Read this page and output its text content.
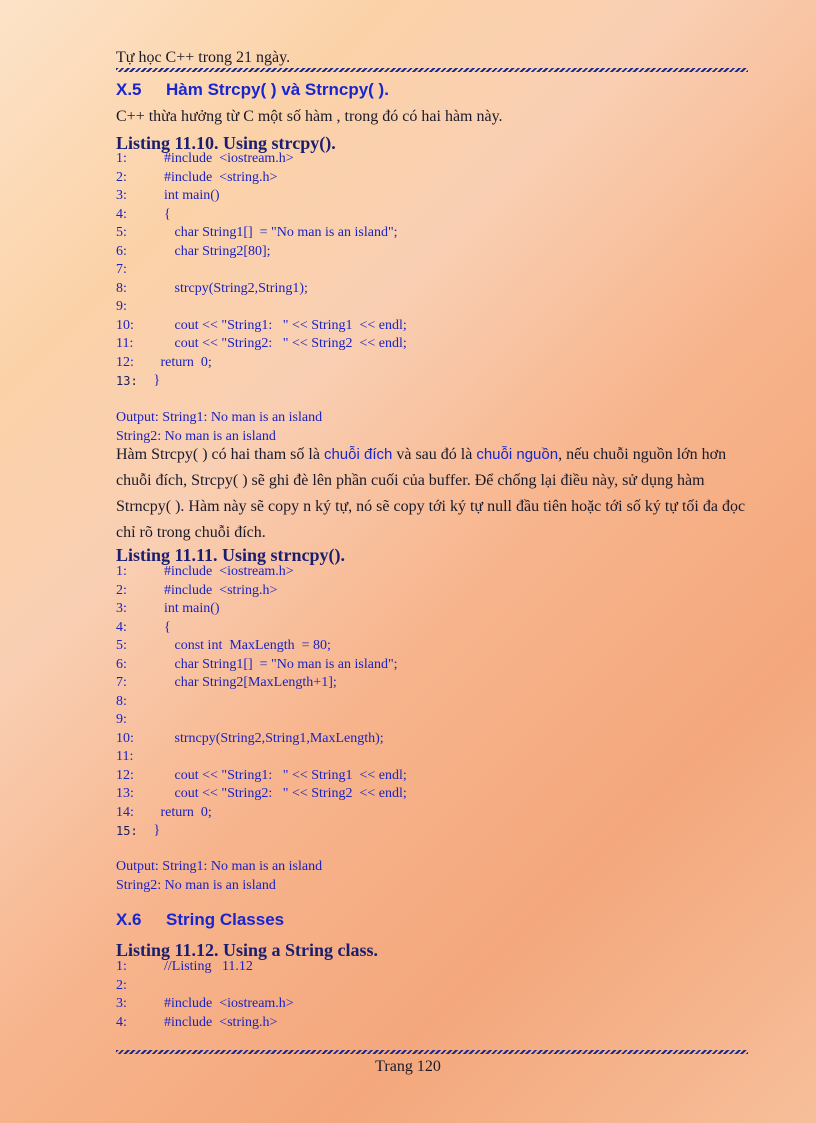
Tự học C++ trong 21 ngày.
X.5 Hàm Strcpy( ) và Strncpy( ).
C++ thừa hưởng từ C một số hàm , trong đó có hai hàm này.
Listing 11.10. Using strcpy().
1:	#include  <iostream.h>
2:	#include  <string.h>
3:	int main()
4:	{
5:	char String1[]  = "No man is an island";
6:	char String2[80];
7:
8:	strcpy(String2,String1);
9:
10:	cout << "String1:   " << String1  << endl;
11:	cout << "String2:   " << String2  << endl;
12:	return  0;
13: }
Output: String1: No man is an island
String2: No man is an island
Hàm Strcpy( ) có hai tham số là chuỗi đích và sau đó là chuỗi nguồn, nếu chuỗi nguồn lớn hơn chuỗi đích, Strcpy( ) sẽ ghi đè lên phần cuối của buffer. Để chống lại điều này, sử dụng hàm Strncpy( ). Hàm này sẽ copy n ký tự, nó sẽ copy tới ký tự null đầu tiên hoặc tới số ký tự tối đa đọc chỉ rõ trong chuỗi đích.
Listing 11.11. Using strncpy().
1:	#include  <iostream.h>
2:	#include  <string.h>
3:	int main()
4:	{
5:	const int  MaxLength  = 80;
6:	char String1[]  = "No man is an island";
7:	char String2[MaxLength+1];
8:
9:
10:	strncpy(String2,String1,MaxLength);
11:
12:	cout << "String1:   " << String1  << endl;
13:	cout << "String2:   " << String2  << endl;
14:	return  0;
15: }
Output: String1: No man is an island
String2: No man is an island
X.6 String Classes
Listing 11.12. Using a String class.
1:	//Listing   11.12
2:
3:	#include  <iostream.h>
4:	#include  <string.h>
Trang 120
